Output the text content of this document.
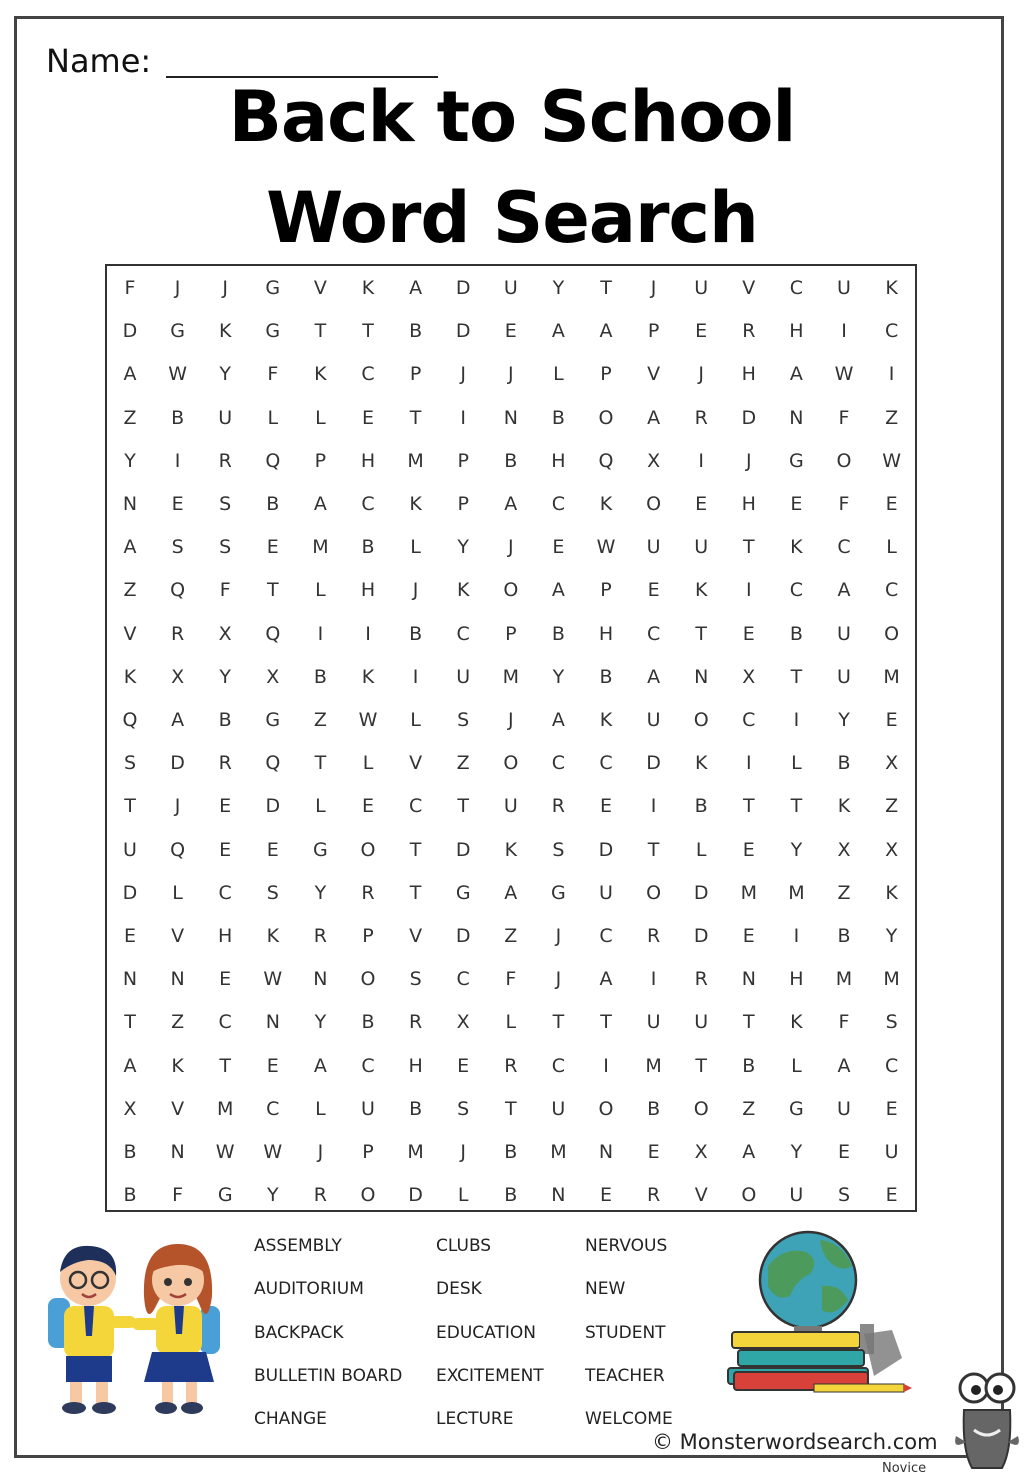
Name:
Back to School
Word Search
F	J	J	G	V	K	A	D	U	Y	T	J	U	V	C	U	K
D	G	K	G	T	T	B	D	E	A	A	P	E	R	H	I	C
A	W	Y	F	K	C	P	J	J	L	P	V	J	H	A	W	I
Z	B	U	L	L	E	T	I	N	B	O	A	R	D	N	F	Z
Y	I	R	Q	P	H	M	P	B	H	Q	X	I	J	G	O	W
N	E	S	B	A	C	K	P	A	C	K	O	E	H	E	F	E
A	S	S	E	M	B	L	Y	J	E	W	U	U	T	K	C	L
Z	Q	F	T	L	H	J	K	O	A	P	E	K	I	C	A	C
V	R	X	Q	I	I	B	C	P	B	H	C	T	E	B	U	O
K	X	Y	X	B	K	I	U	M	Y	B	A	N	X	T	U	M
Q	A	B	G	Z	W	L	S	J	A	K	U	O	C	I	Y	E
S	D	R	Q	T	L	V	Z	O	C	C	D	K	I	L	B	X
T	J	E	D	L	E	C	T	U	R	E	I	B	T	T	K	Z
U	Q	E	E	G	O	T	D	K	S	D	T	L	E	Y	X	X
D	L	C	S	Y	R	T	G	A	G	U	O	D	M	M	Z	K
E	V	H	K	R	P	V	D	Z	J	C	R	D	E	I	B	Y
N	N	E	W	N	O	S	C	F	J	A	I	R	N	H	M	M
T	Z	C	N	Y	B	R	X	L	T	T	U	U	T	K	F	S
A	K	T	E	A	C	H	E	R	C	I	M	T	B	L	A	C
X	V	M	C	L	U	B	S	T	U	O	B	O	Z	G	U	E
B	N	W	W	J	P	M	J	B	M	N	E	X	A	Y	E	U
B	F	G	Y	R	O	D	L	B	N	E	R	V	O	U	S	E
ASSEMBLY
AUDITORIUM
BACKPACK
BULLETIN BOARD
CHANGE
CLUBS
DESK
EDUCATION
EXCITEMENT
LECTURE
NERVOUS
NEW
STUDENT
TEACHER
WELCOME
© Monsterwordsearch.com
Novice
